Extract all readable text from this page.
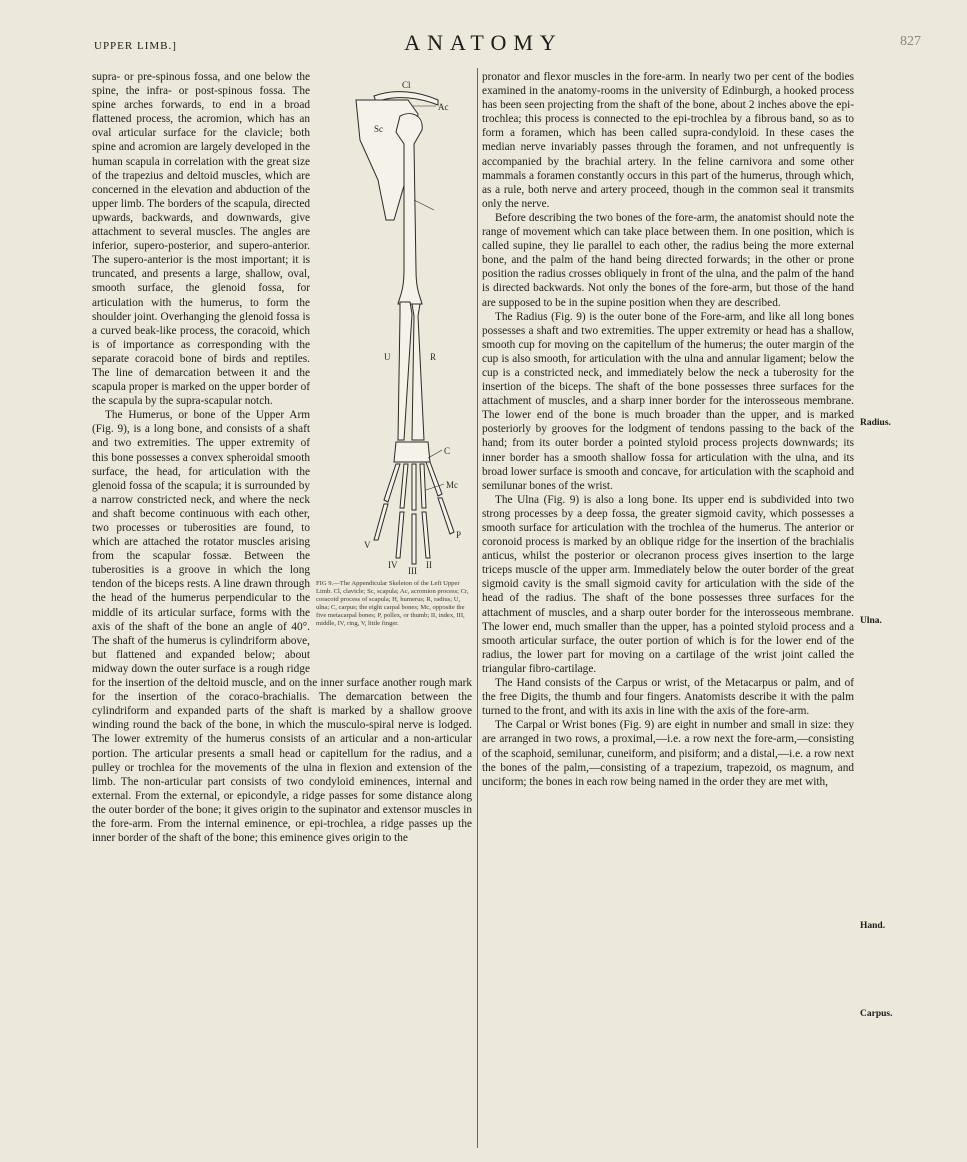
UPPER LIMB.]	ANATOMY	827
Cl
Ac
Sc
U	R
C
Mc
P
V
IV
III
II
FIG 9.—The Appendicular Skeleton of the Left Upper Limb. Cl, clavicle; Sc, scapula; Ac, acromion process; Cr, coracoid process of scapula; H, humerus; R, radius; U, ulna; C, carpus; the eight carpal bones; Mc, opposite the five metacarpal bones; P, pollex, or thumb; II, index, III, middle, IV, ring, V, little finger.

supra- or pre-spinous fossa, and one below the spine, the infra- or post-spinous fossa. The spine arches forwards, to end in a broad flattened process, the acromion, which has an oval articular surface for the clavicle; both spine and acromion are largely developed in the human scapula in correlation with the great size of the trapezius and deltoid muscles, which are concerned in the elevation and abduction of the upper limb. The borders of the scapula, directed upwards, backwards, and downwards, give attachment to several muscles. The angles are inferior, supero-posterior, and supero-anterior. The supero-anterior is the most important; it is truncated, and presents a large, shallow, oval, smooth surface, the glenoid fossa, for articulation with the humerus, to form the shoulder joint. Overhanging the glenoid fossa is a curved beak-like process, the coracoid, which is of importance as corresponding with the separate coracoid bone of birds and reptiles. The line of demarcation between it and the scapula proper is marked on the upper border of the scapula by the supra-scapular notch.

The Humerus, or bone of the Upper Arm (Fig. 9), is a long bone, and consists of a shaft and two extremities. The upper extremity of this bone possesses a convex spheroidal smooth surface, the head, for articulation with the glenoid fossa of the scapula; it is surrounded by a narrow constricted neck, and where the neck and shaft become continuous with each other, two processes or tuberosities are found, to which are attached the rotator muscles arising from the scapular fossæ. Between the tuberosities is a groove in which the long tendon of the biceps rests. A line drawn through the head of the humerus perpendicular to the middle of its articular surface, forms with the axis of the shaft of the bone an angle of 40°. The shaft of the humerus is cylindriform above, but flattened and expanded below; about midway down the outer surface is a rough ridge for the insertion of the deltoid muscle, and on the inner surface another rough mark for the insertion of the coraco-brachialis. The demarcation between the cylindriform and expanded parts of the shaft is marked by a shallow groove winding round the back of the bone, in which the musculo-spiral nerve is lodged. The lower extremity of the humerus consists of an articular and a non-articular portion. The articular presents a small head or capitellum for the radius, and a pulley or trochlea for the movements of the ulna in flexion and extension of the limb. The non-articular part consists of two condyloid eminences, internal and external. From the external, or epicondyle, a ridge passes for some distance along the outer border of the bone; it gives origin to the supinator and extensor muscles in the fore-arm. From the internal eminence, or epi-trochlea, a ridge passes up the inner border of the shaft of the bone; this eminence gives origin to the

pronator and flexor muscles in the fore-arm. In nearly two per cent of the bodies examined in the anatomy-rooms in the university of Edinburgh, a hooked process has been seen projecting from the shaft of the bone, about 2 inches above the epi-trochlea; this process is connected to the epi-trochlea by a fibrous band, so as to form a foramen, which has been called supra-condyloid. In these cases the median nerve invariably passes through the foramen, and not unfrequently is accompanied by the brachial artery. In the feline carnivora and some other mammals a foramen constantly occurs in this part of the humerus, through which, as a rule, both nerve and artery proceed, though in the common seal it transmits only the nerve.

Before describing the two bones of the fore-arm, the anatomist should note the range of movement which can take place between them. In one position, which is called supine, they lie parallel to each other, the radius being the more external bone, and the palm of the hand being directed forwards; in the other or prone position the radius crosses obliquely in front of the ulna, and the palm of the hand is directed backwards. Not only the bones of the fore-arm, but those of the hand are supposed to be in the supine position when they are described.

The Radius (Fig. 9) is the outer bone of the Fore-arm, and like all long bones possesses a shaft and two extremities. The upper extremity or head has a shallow, smooth cup for moving on the capitellum of the humerus; the outer margin of the cup is also smooth, for articulation with the ulna and annular ligament; below the cup is a constricted neck, and immediately below the neck a tuberosity for the insertion of the biceps. The shaft of the bone possesses three surfaces for the attachment of muscles, and a sharp inner border for the interosseous membrane. The lower end of the bone is much broader than the upper, and is marked posteriorly by grooves for the lodgment of tendons passing to the back of the hand; from its outer border a pointed styloid process projects downwards; its inner border has a smooth shallow fossa for articulation with the ulna, and its broad lower surface is smooth and concave, for articulation with the scaphoid and semilunar bones of the wrist.

The Ulna (Fig. 9) is also a long bone. Its upper end is subdivided into two strong processes by a deep fossa, the greater sigmoid cavity, which possesses a smooth surface for articulation with the trochlea of the humerus. The anterior or coronoid process is marked by an oblique ridge for the insertion of the brachialis anticus, whilst the posterior or olecranon process gives insertion to the large triceps muscle of the upper arm. Immediately below the outer border of the great sigmoid cavity is the small sigmoid cavity for articulation with the side of the head of the radius. The shaft of the bone possesses three surfaces for the attachment of muscles, and a sharp outer border for the interosseous membrane. The lower end, much smaller than the upper, has a pointed styloid process and a smooth articular surface, the outer portion of which is for the lower end of the radius, the lower part for moving on a cartilage of the wrist joint called the triangular fibro-cartilage.

The Hand consists of the Carpus or wrist, of the Metacarpus or palm, and of the free Digits, the thumb and four fingers. Anatomists describe it with the palm turned to the front, and with its axis in line with the axis of the fore-arm.

The Carpal or Wrist bones (Fig. 9) are eight in number and small in size: they are arranged in two rows, a proximal,—i.e. a row next the fore-arm,—consisting of the scaphoid, semilunar, cuneiform, and pisiform; and a distal,—i.e. a row next the bones of the palm,—consisting of a trapezium, trapezoid, os magnum, and unciform; the bones in each row being named in the order they are met with,

Radius.
Ulna.
Hand.
Carpus.
